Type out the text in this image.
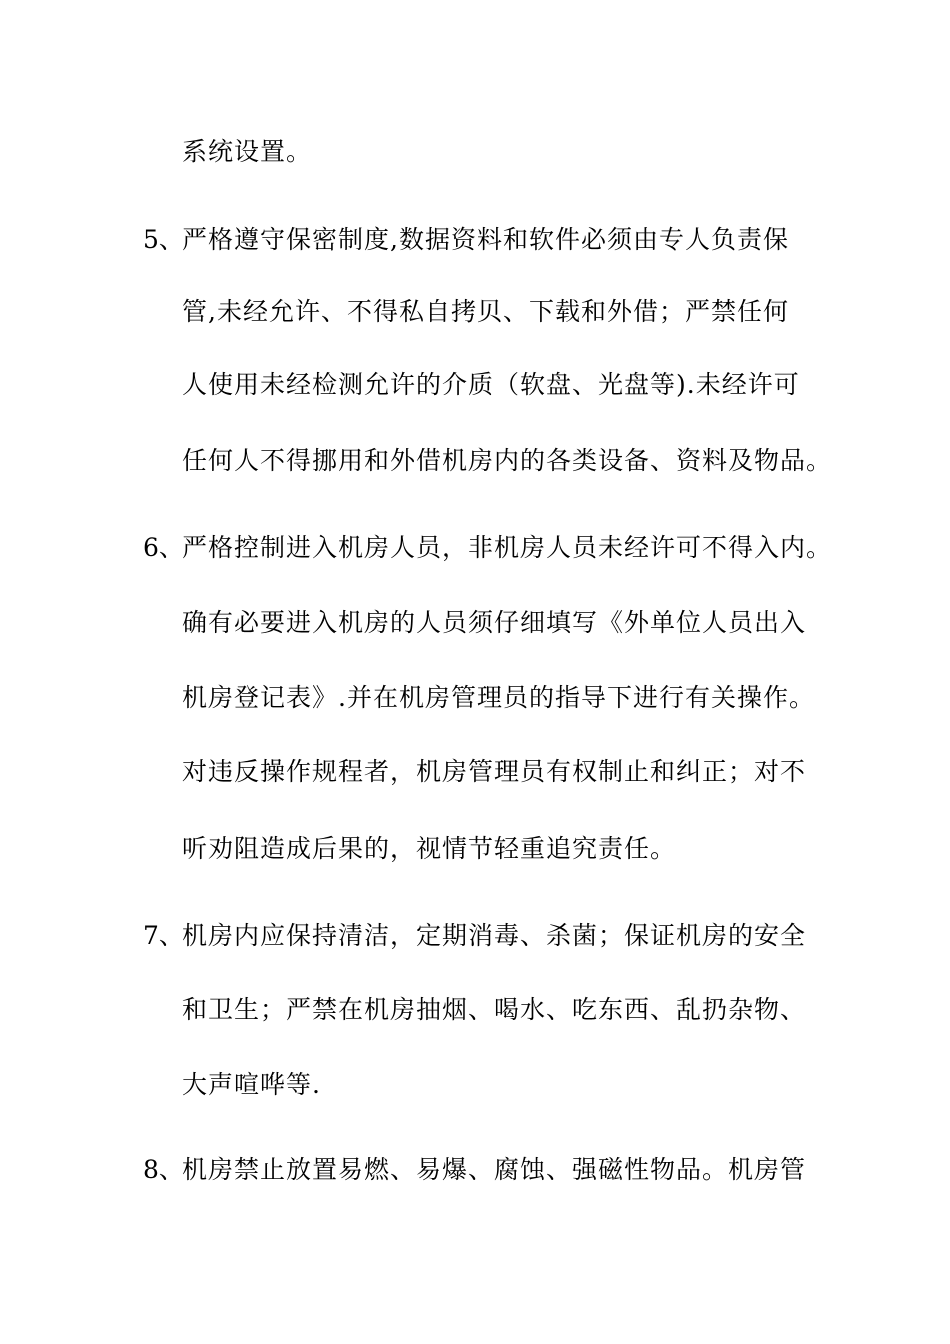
系统设置。
5、
严格遵守保密制度,数据资料和软件必须由专人负责保
管,未经允许、不得私自拷贝、下载和外借；严禁任何
人使用未经检测允许的介质（软盘、光盘等).未经许可
任何人不得挪用和外借机房内的各类设备、资料及物品。
6、
严格控制进入机房人员，非机房人员未经许可不得入内。
确有必要进入机房的人员须仔细填写《外单位人员出入
机房登记表》.并在机房管理员的指导下进行有关操作。
对违反操作规程者，机房管理员有权制止和纠正；对不
听劝阻造成后果的，视情节轻重追究责任。
7、
机房内应保持清洁，定期消毒、杀菌；保证机房的安全
和卫生；严禁在机房抽烟、喝水、吃东西、乱扔杂物、
大声喧哗等.
8、
机房禁止放置易燃、易爆、腐蚀、强磁性物品。机房管
